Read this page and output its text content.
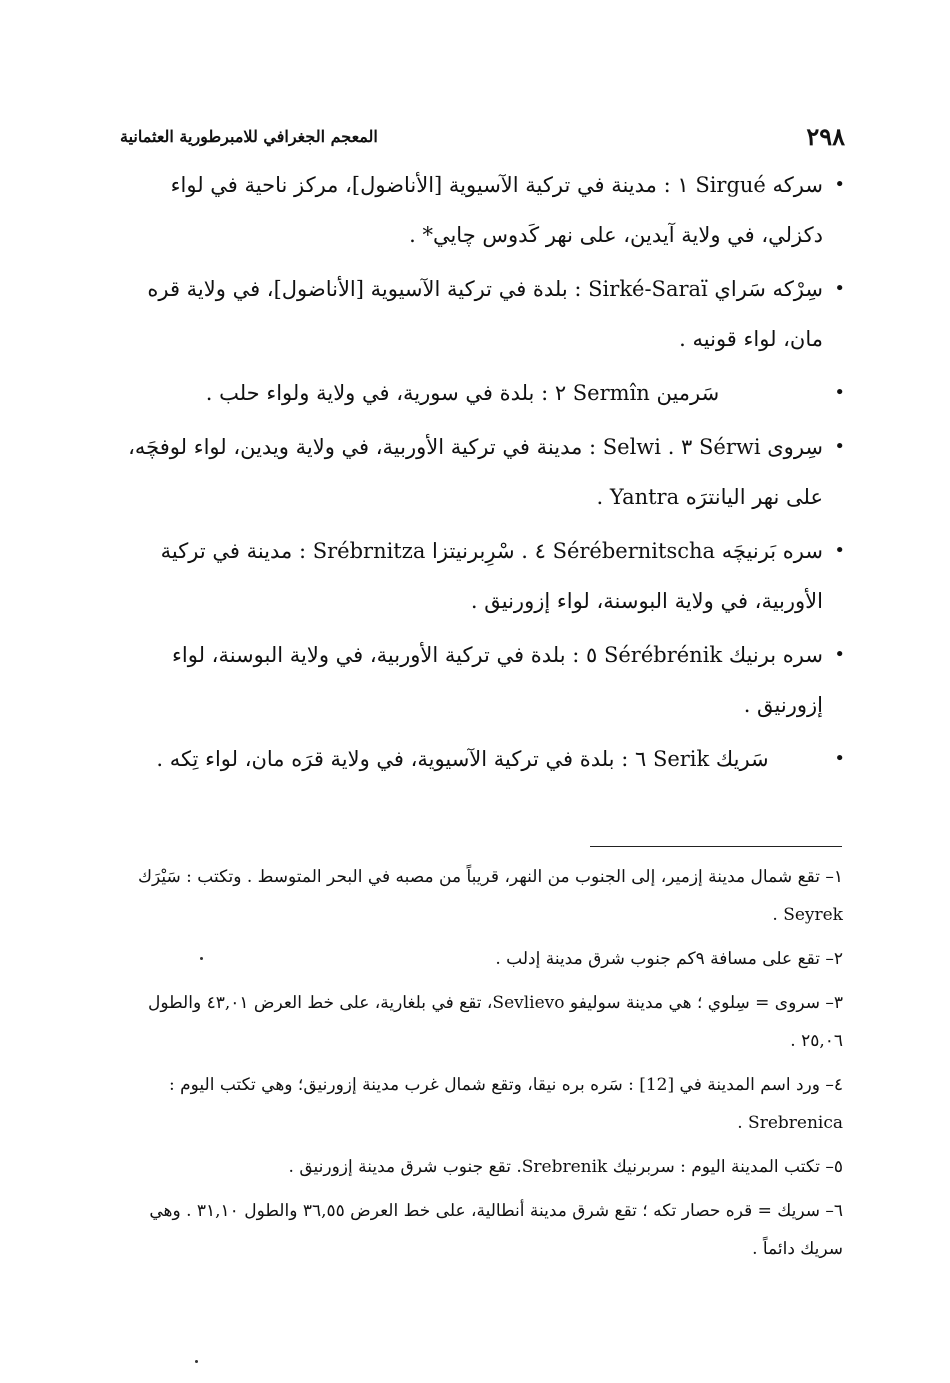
المعجم الجغرافي للامبرطورية العثمانية	٢٩٨

•
سركه Sirgué ١ : مدينة في تركية الآسيوية [الأناضول]، مركز ناحية في لواء دكزلي، في ولاية آيدين، على نهر كَدوس چايي* .

•
سِرْكه سَراي Sirké-Saraï : بلدة في تركية الآسيوية [الأناضول]، في ولاية قره مان، لواء قونيه .

•
سَرمين Sermîn ٢ : بلدة في سورية، في ولاية ولواء حلب .

•
سِروى Sérwi ٣ . Selwi : مدينة في تركية الأوربية، في ولاية ويدين، لواء لوفچَه، على نهر اليانترَه Yantra .

•
سره بَرنيچَه Sérébernitscha ٤ . سْرِبرنيتزا Srébrnitza : مدينة في تركية الأوربية، في ولاية البوسنة، لواء إزورنيق .

•
سره برنيك Sérébrénik ٥ : بلدة في تركية الأوربية، في ولاية البوسنة، لواء إزورنيق .

•
سَريك Serik ٦ : بلدة في تركية الآسيوية، في ولاية قرَه مان، لواء تِكه .

١– تقع شمال مدينة إزمير، إلى الجنوب من النهر، قريباً من مصبه في البحر المتوسط . وتكتب : سَيْرَك Seyrek .

٢– تقع على مسافة ٩كم جنوب شرق مدينة إدلب .

٣– سروى = سِلوي ؛ هي مدينة سوليفو Sevlievo، تقع في بلغارية، على خط العرض ٤٣,٠١ والطول ٢٥,٠٦ .

٤– ورد اسم المدينة في [12] : سَره بره نيقا، وتقع شمال غرب مدينة إزورنيق؛ وهي تكتب اليوم : Srebrenica .

٥– تكتب المدينة اليوم : سربرنيك Srebrenik. تقع جنوب شرق مدينة إزورنيق .

٦– سريك = قره حصار تكه ؛ تقع شرق مدينة أنطالية، على خط العرض ٣٦,٥٥ والطول ٣١,١٠ . وهي سريك دائماً .
